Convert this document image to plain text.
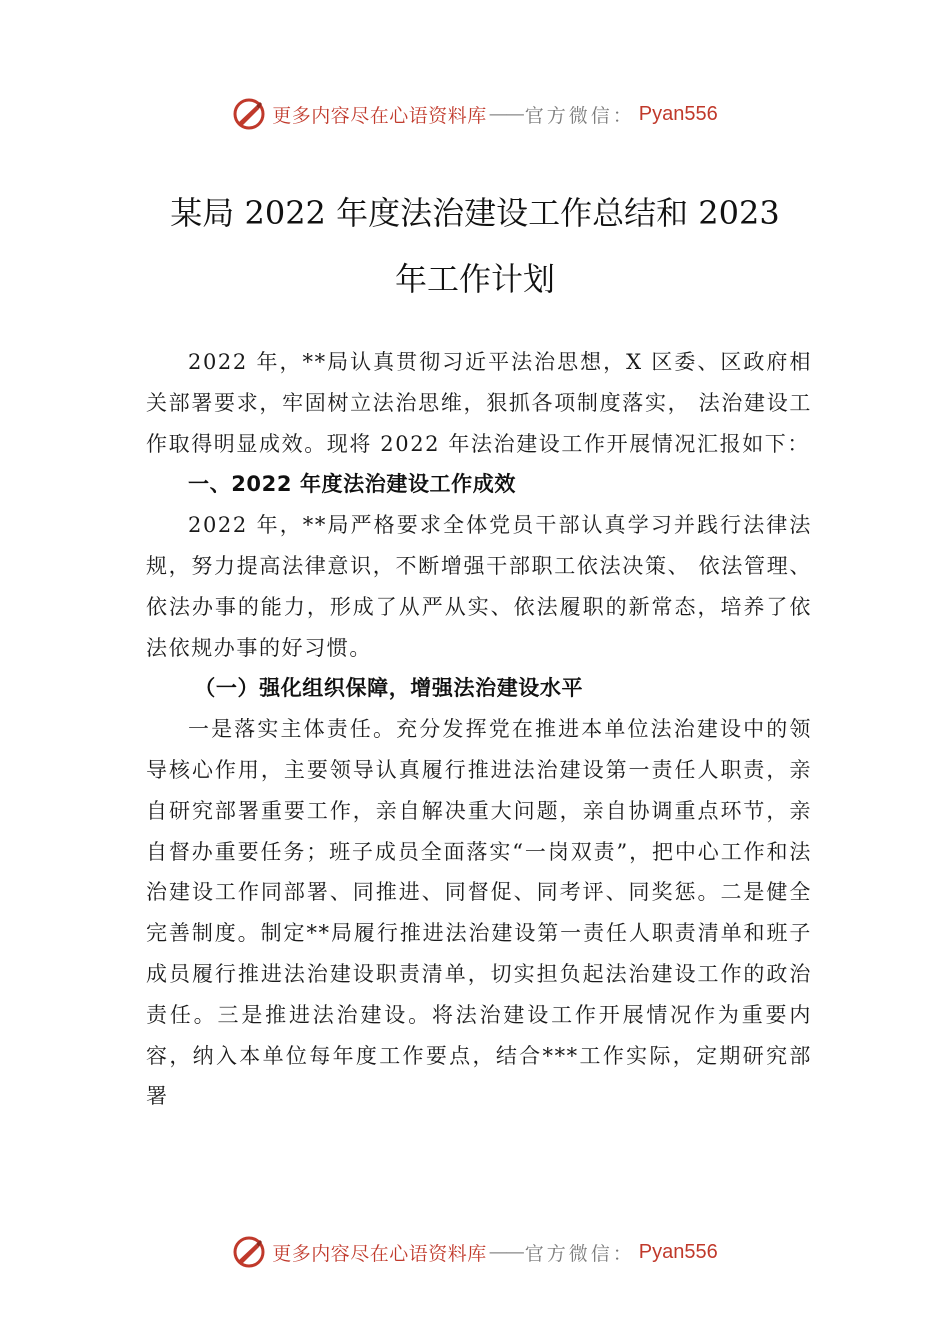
更多内容尽在心语资料库 —— 官方微信： Pyan556
某局 2022 年度法治建设工作总结和 2023
年工作计划

2022 年，**局认真贯彻习近平法治思想，X 区委、区政府相关部署要求，牢固树立法治思维，狠抓各项制度落实， 法治建设工作取得明显成效。现将 2022 年法治建设工作开展情况汇报如下：

一、2022 年度法治建设工作成效

2022 年，**局严格要求全体党员干部认真学习并践行法律法规，努力提高法律意识，不断增强干部职工依法决策、 依法管理、依法办事的能力，形成了从严从实、依法履职的新常态，培养了依法依规办事的好习惯。

（一）强化组织保障，增强法治建设水平

一是落实主体责任。充分发挥党在推进本单位法治建设中的领导核心作用，主要领导认真履行推进法治建设第一责任人职责，亲自研究部署重要工作，亲自解决重大问题，亲自协调重点环节，亲自督办重要任务；班子成员全面落实“一岗双责”，把中心工作和法治建设工作同部署、同推进、同督促、同考评、同奖惩。二是健全完善制度。制定**局履行推进法治建设第一责任人职责清单和班子成员履行推进法治建设职责清单，切实担负起法治建设工作的政治责任。三是推进法治建设。将法治建设工作开展情况作为重要内容，纳入本单位每年度工作要点，结合***工作实际，定期研究部署

更多内容尽在心语资料库 —— 官方微信： Pyan556
